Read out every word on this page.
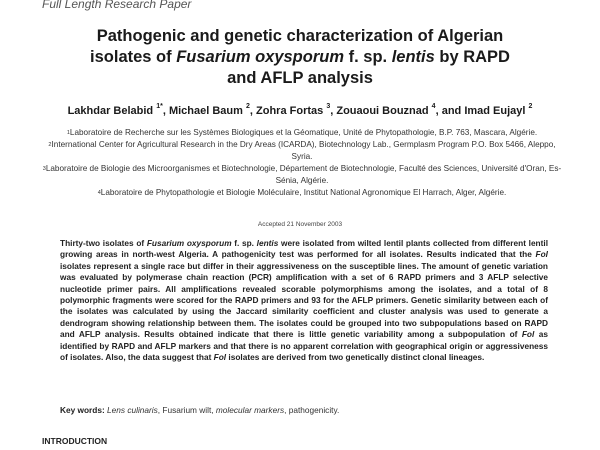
Full Length Research Paper
Pathogenic and genetic characterization of Algerian
isolates of Fusarium oxysporum f. sp. lentis by RAPD
and AFLP analysis
Lakhdar Belabid $^{1*}$, Michael Baum $^2$, Zohra Fortas $^3$, Zouaoui Bouznad $^4$, and Imad Eujayl $^2$
$^1$Laboratoire de Recherche sur les Systèmes Biologiques et la Géomatique, Unité de Phytopathologie, B.P. 763, Mascara, Algérie.
$^2$International Center for Agricultural Research in the Dry Areas (ICARDA), Biotechnology Lab., Germplasm Program P.O. Box 5466, Aleppo, Syria.
$^3$Laboratoire de Biologie des Microorganismes et Biotechnologie, Département de Biotechnologie, Faculté des Sciences, Université d'Oran, Es-Sénia, Algérie.
$^4$Laboratoire de Phytopathologie et Biologie Moléculaire, Institut National Agronomique El Harrach, Alger, Algérie.
Accepted 21 November 2003
Thirty-two isolates of Fusarium oxysporum f. sp. lentis were isolated from wilted lentil plants collected from different lentil growing areas in north-west Algeria. A pathogenicity test was performed for all isolates. Results indicated that the Fol isolates represent a single race but differ in their aggressiveness on the susceptible lines. The amount of genetic variation was evaluated by polymerase chain reaction (PCR) amplification with a set of 6 RAPD primers and 3 AFLP selective nucleotide primer pairs. All amplifications revealed scorable polymorphisms among the isolates, and a total of 8 polymorphic fragments were scored for the RAPD primers and 93 for the AFLP primers. Genetic similarity between each of the isolates was calculated by using the Jaccard similarity coefficient and cluster analysis was used to generate a dendrogram showing relationship between them. The isolates could be grouped into two subpopulations based on RAPD and AFLP analysis. Results obtained indicate that there is little genetic variability among a subpopulation of Fol as identified by RAPD and AFLP markers and that there is no apparent correlation with geographical origin or aggressiveness of isolates. Also, the data suggest that Fol isolates are derived from two genetically distinct clonal lineages.
Key words: Lens culinaris, Fusarium wilt, molecular markers, pathogenicity.
INTRODUCTION
